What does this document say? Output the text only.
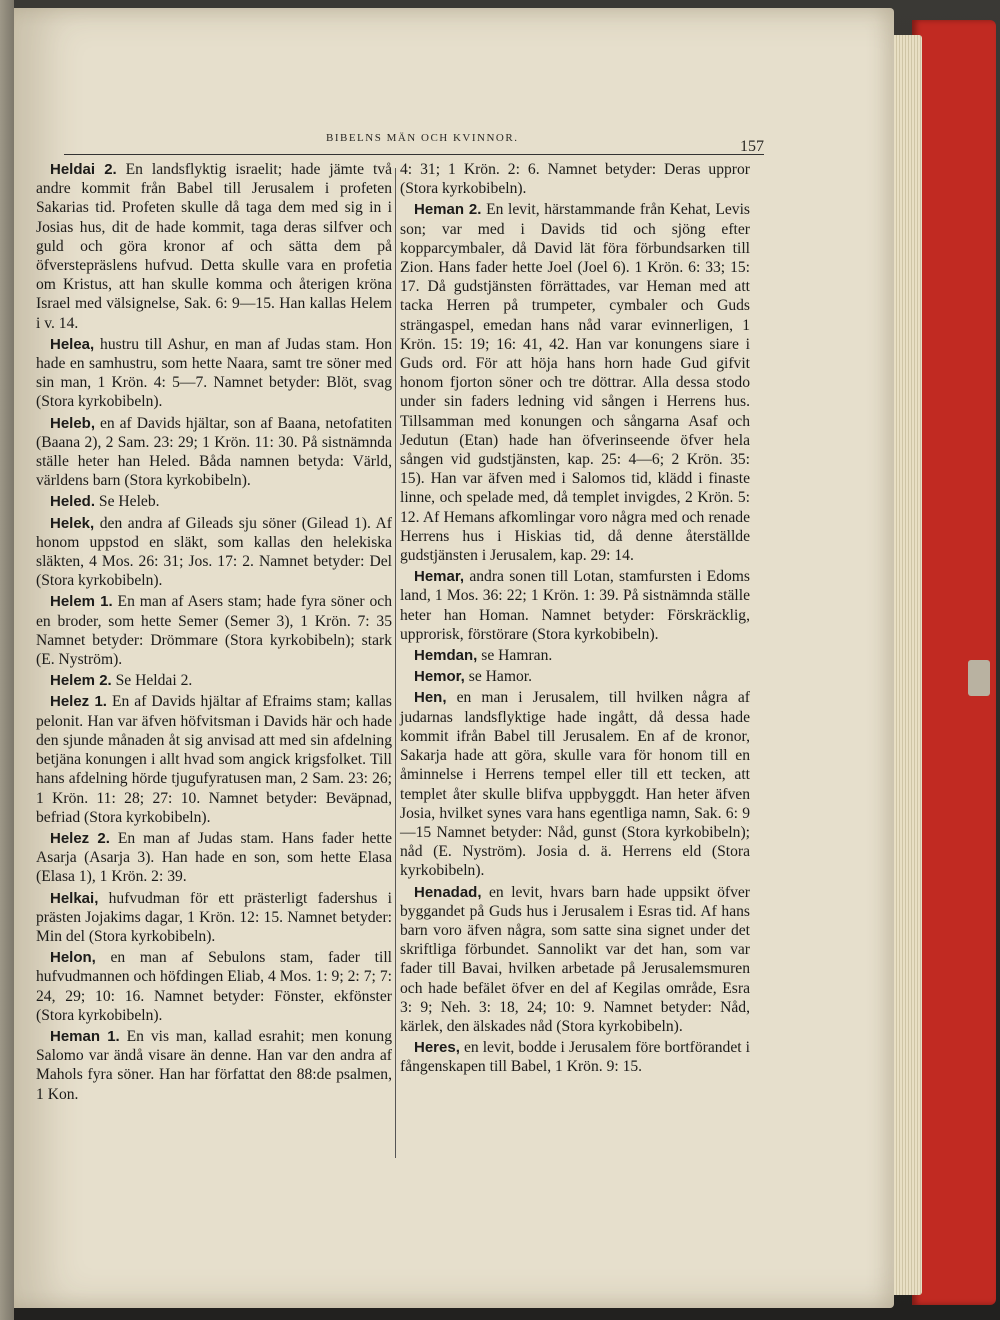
BIBELNS MÄN OCH KVINNOR.	157

Heldai 2. En landsflyktig israelit; hade jämte två andre kommit från Babel till Jerusalem i profeten Sakarias tid. Profeten skulle då taga dem med sig in i Josias hus, dit de hade kommit, taga deras silfver och guld och göra kronor af och sätta dem på öfverstepräslens hufvud. Detta skulle vara en profetia om Kristus, att han skulle komma och återigen kröna Israel med välsignelse, Sak. 6: 9—15. Han kallas Helem i v. 14.

Helea, hustru till Ashur, en man af Judas stam. Hon hade en samhustru, som hette Naara, samt tre söner med sin man, 1 Krön. 4: 5—7. Namnet betyder: Blöt, svag (Stora kyrkobibeln).

Heleb, en af Davids hjältar, son af Baana, netofatiten (Baana 2), 2 Sam. 23: 29; 1 Krön. 11: 30. På sistnämnda ställe heter han Heled. Båda namnen betyda: Värld, världens barn (Stora kyrkobibeln).

Heled. Se Heleb.

Helek, den andra af Gileads sju söner (Gilead 1). Af honom uppstod en släkt, som kallas den helekiska släkten, 4 Mos. 26: 31; Jos. 17: 2. Namnet betyder: Del (Stora kyrkobibeln).

Helem 1. En man af Asers stam; hade fyra söner och en broder, som hette Semer (Semer 3), 1 Krön. 7: 35 Namnet betyder: Drömmare (Stora kyrkobibeln); stark (E. Nyström).

Helem 2. Se Heldai 2.

Helez 1. En af Davids hjältar af Efraims stam; kallas pelonit. Han var äfven höfvitsman i Davids här och hade den sjunde månaden åt sig anvisad att med sin afdelning betjäna konungen i allt hvad som angick krigsfolket. Till hans afdelning hörde tjugufyratusen man, 2 Sam. 23: 26; 1 Krön. 11: 28; 27: 10. Namnet betyder: Beväpnad, befriad (Stora kyrkobibeln).

Helez 2. En man af Judas stam. Hans fader hette Asarja (Asarja 3). Han hade en son, som hette Elasa (Elasa 1), 1 Krön. 2: 39.

Helkai, hufvudman för ett prästerligt fadershus i prästen Jojakims dagar, 1 Krön. 12: 15. Namnet betyder: Min del (Stora kyrkobibeln).

Helon, en man af Sebulons stam, fader till hufvudmannen och höfdingen Eliab, 4 Mos. 1: 9; 2: 7; 7: 24, 29; 10: 16. Namnet betyder: Fönster, ekfönster (Stora kyrkobibeln).

Heman 1. En vis man, kallad esrahit; men konung Salomo var ändå visare än denne. Han var den andra af Mahols fyra söner. Han har författat den 88:de psalmen, 1 Kon.

4: 31; 1 Krön. 2: 6. Namnet betyder: Deras uppror (Stora kyrkobibeln).

Heman 2. En levit, härstammande från Kehat, Levis son; var med i Davids tid och sjöng efter kopparcymbaler, då David lät föra förbundsarken till Zion. Hans fader hette Joel (Joel 6). 1 Krön. 6: 33; 15: 17. Då gudstjänsten förrättades, var Heman med att tacka Herren på trumpeter, cymbaler och Guds strängaspel, emedan hans nåd varar evinnerligen, 1 Krön. 15: 19; 16: 41, 42. Han var konungens siare i Guds ord. För att höja hans horn hade Gud gifvit honom fjorton söner och tre döttrar. Alla dessa stodo under sin faders ledning vid sången i Herrens hus. Tillsamman med konungen och sångarna Asaf och Jedutun (Etan) hade han öfverinseende öfver hela sången vid gudstjänsten, kap. 25: 4—6; 2 Krön. 35: 15). Han var äfven med i Salomos tid, klädd i finaste linne, och spelade med, då templet invigdes, 2 Krön. 5: 12. Af Hemans afkomlingar voro några med och renade Herrens hus i Hiskias tid, då denne återställde gudstjänsten i Jerusalem, kap. 29: 14.

Hemar, andra sonen till Lotan, stamfursten i Edoms land, 1 Mos. 36: 22; 1 Krön. 1: 39. På sistnämnda ställe heter han Homan. Namnet betyder: Förskräcklig, upprorisk, förstörare (Stora kyrkobibeln).

Hemdan, se Hamran.

Hemor, se Hamor.

Hen, en man i Jerusalem, till hvilken några af judarnas landsflyktige hade ingått, då dessa hade kommit ifrån Babel till Jerusalem. En af de kronor, Sakarja hade att göra, skulle vara för honom till en åminnelse i Herrens tempel eller till ett tecken, att templet åter skulle blifva uppbyggdt. Han heter äfven Josia, hvilket synes vara hans egentliga namn, Sak. 6: 9—15 Namnet betyder: Nåd, gunst (Stora kyrkobibeln); nåd (E. Nyström). Josia d. ä. Herrens eld (Stora kyrkobibeln).

Henadad, en levit, hvars barn hade uppsikt öfver byggandet på Guds hus i Jerusalem i Esras tid. Af hans barn voro äfven några, som satte sina signet under det skriftliga förbundet. Sannolikt var det han, som var fader till Bavai, hvilken arbetade på Jerusalemsmuren och hade befälet öfver en del af Kegilas område, Esra 3: 9; Neh. 3: 18, 24; 10: 9. Namnet betyder: Nåd, kärlek, den älskades nåd (Stora kyrkobibeln).

Heres, en levit, bodde i Jerusalem före bortförandet i fångenskapen till Babel, 1 Krön. 9: 15.
